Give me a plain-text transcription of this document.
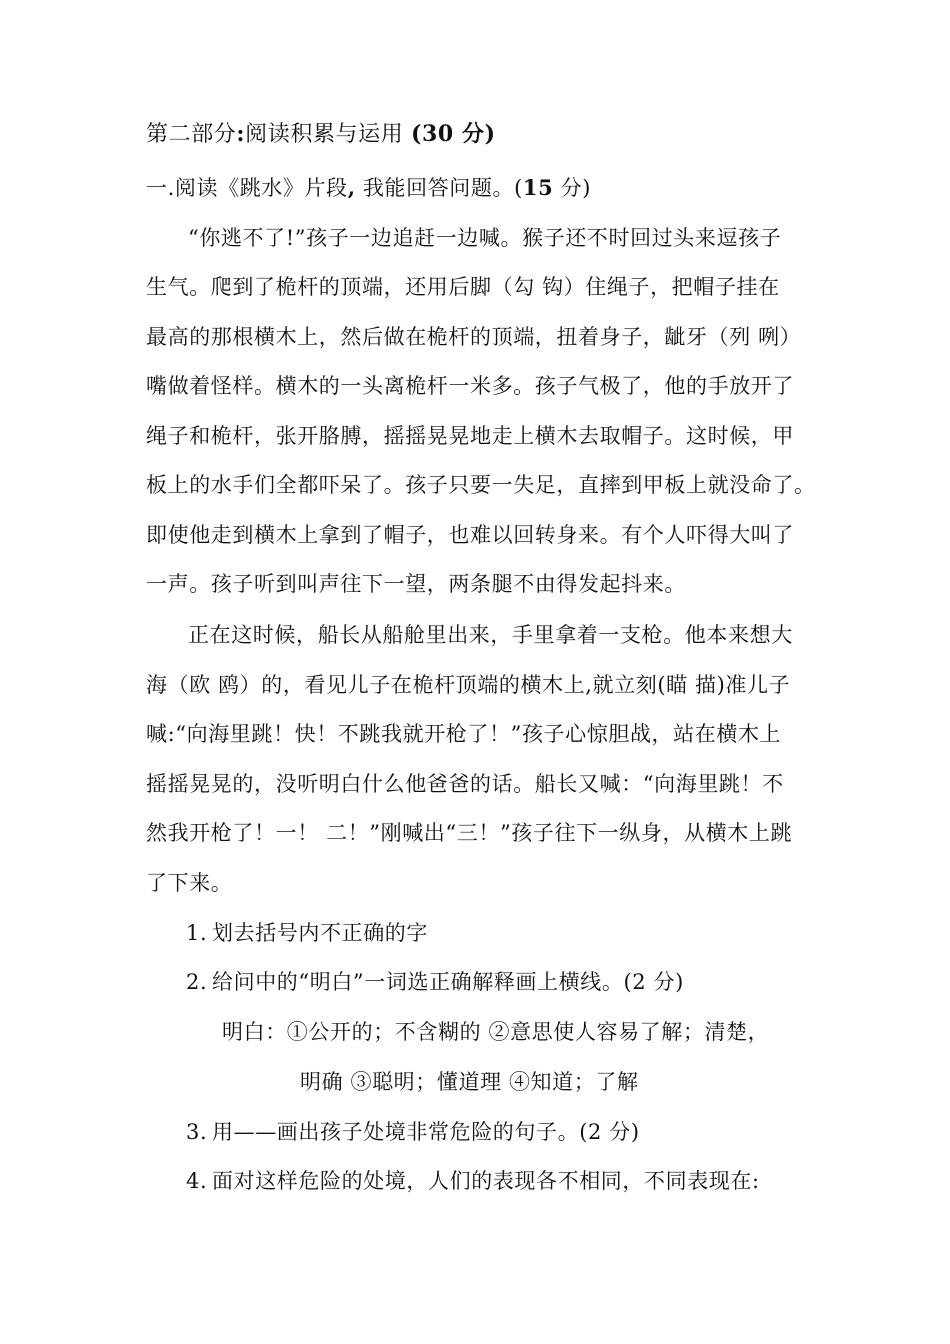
第二部分:阅读积累与运用 (30 分)
一.阅读《跳水》片段, 我能回答问题。(15 分)
“你逃不了!”孩子一边追赶一边喊。猴子还不时回过头来逗孩子
生气。爬到了桅杆的顶端，还用后脚（勾 钩）住绳子，把帽子挂在
最高的那根横木上，然后做在桅杆的顶端，扭着身子，龇牙（列 咧）
嘴做着怪样。横木的一头离桅杆一米多。孩子气极了，他的手放开了
绳子和桅杆，张开胳膊，摇摇晃晃地走上横木去取帽子。这时候，甲
板上的水手们全都吓呆了。孩子只要一失足，直摔到甲板上就没命了。
即使他走到横木上拿到了帽子，也难以回转身来。有个人吓得大叫了
一声。孩子听到叫声往下一望，两条腿不由得发起抖来。
正在这时候，船长从船舱里出来，手里拿着一支枪。他本来想大
海（欧 鸥）的，看见儿子在桅杆顶端的横木上,就立刻(瞄 描)准儿子
喊:“向海里跳！快！不跳我就开枪了！”孩子心惊胆战，站在横木上
摇摇晃晃的，没听明白什么他爸爸的话。船长又喊：“向海里跳！不
然我开枪了！一！ 二！”刚喊出“三！”孩子往下一纵身，从横木上跳
了下来。
1. 划去括号内不正确的字
2. 给问中的“明白”一词选正确解释画上横线。(2 分)
明白：①公开的；不含糊的 ②意思使人容易了解；清楚，
明确 ③聪明；懂道理 ④知道；了解
3. 用——画出孩子处境非常危险的句子。(2 分)
4. 面对这样危险的处境，人们的表现各不相同，不同表现在:
